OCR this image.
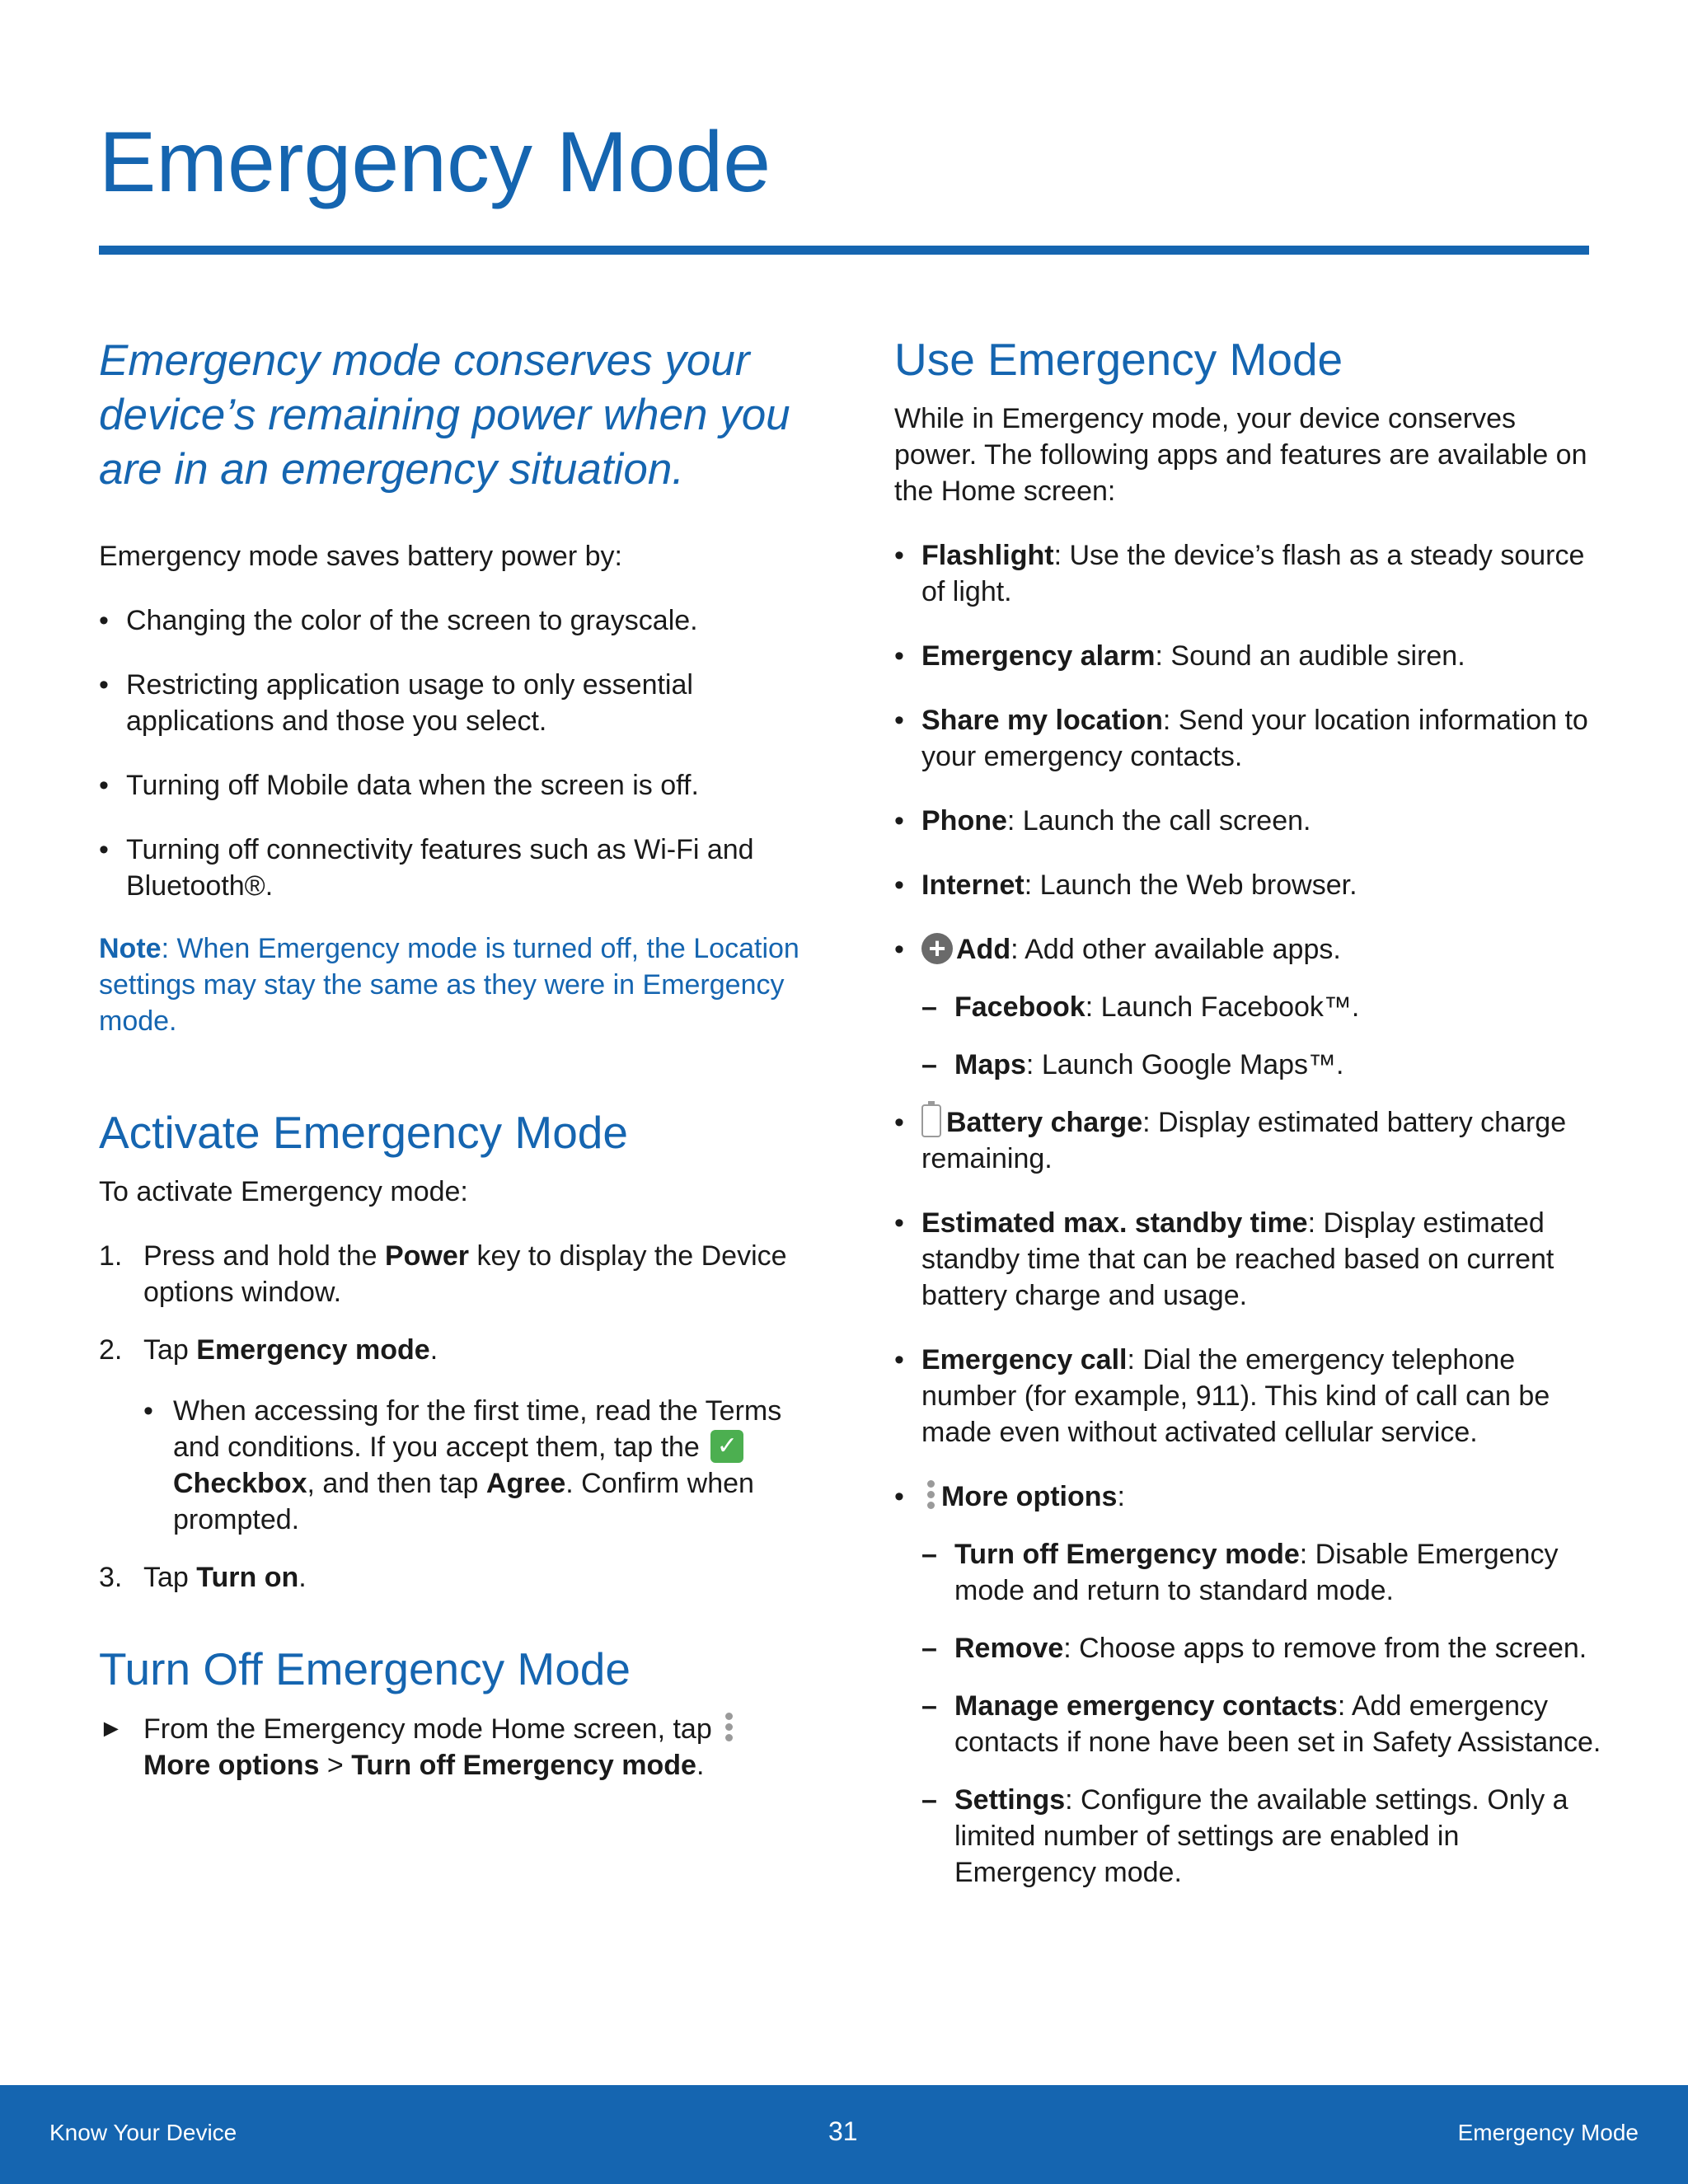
Emergency Mode

Emergency mode conserves your device’s remaining power when you are in an emergency situation.

Emergency mode saves battery power by:

• Changing the color of the screen to grayscale.
• Restricting application usage to only essential applications and those you select.
• Turning off Mobile data when the screen is off.
• Turning off connectivity features such as Wi-Fi and Bluetooth®.

Note: When Emergency mode is turned off, the Location settings may stay the same as they were in Emergency mode.

Activate Emergency Mode

To activate Emergency mode:

1. Press and hold the Power key to display the Device options window.
2. Tap Emergency mode.
• When accessing for the first time, read the Terms and conditions. If you accept them, tap the ✓Checkbox, and then tap Agree. Confirm when prompted.
3. Tap Turn on.
Turn Off Emergency Mode

► From the Emergency mode Home screen, tap
More options > Turn off Emergency mode.

Use Emergency Mode

While in Emergency mode, your device conserves power. The following apps and features are available on the Home screen:

• Flashlight: Use the device’s flash as a steady source of light.
• Emergency alarm: Sound an audible siren.
• Share my location: Send your location information to your emergency contacts.
• Phone: Launch the call screen.
• Internet: Launch the Web browser.
• + Add: Add other available apps.
– Facebook: Launch Facebook™.
– Maps: Launch Google Maps™.
• Battery charge: Display estimated battery charge remaining.
• Estimated max. standby time: Display estimated standby time that can be reached based on current battery charge and usage.
• Emergency call: Dial the emergency telephone number (for example, 911). This kind of call can be made even without activated cellular service.
• More options:
– Turn off Emergency mode: Disable Emergency mode and return to standard mode.
– Remove: Choose apps to remove from the screen.
– Manage emergency contacts: Add emergency contacts if none have been set in Safety Assistance.
– Settings: Configure the available settings. Only a limited number of settings are enabled in Emergency mode.
Know Your Device	31	Emergency Mode
